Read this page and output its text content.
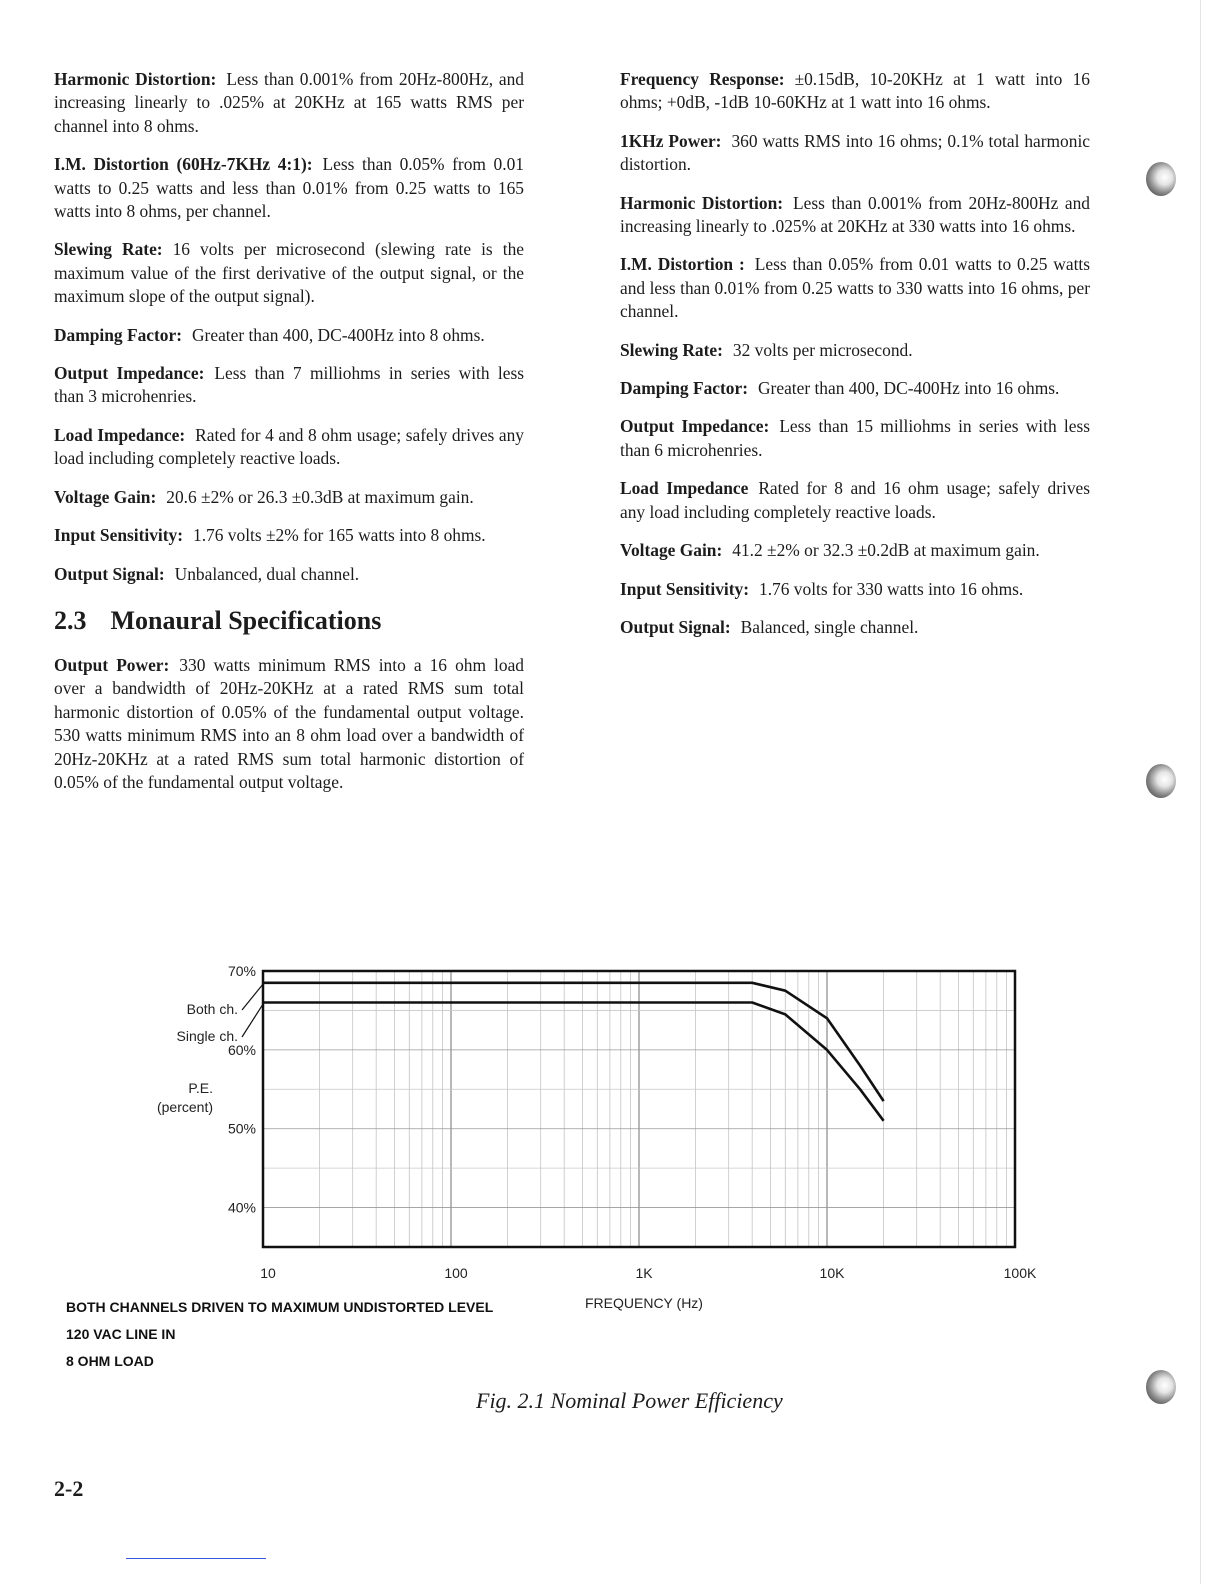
Harmonic Distortion: Less than 0.001% from 20Hz-800Hz, and increasing linearly to .025% at 20KHz at 165 watts RMS per channel into 8 ohms.

I.M. Distortion (60Hz-7KHz 4:1): Less than 0.05% from 0.01 watts to 0.25 watts and less than 0.01% from 0.25 watts to 165 watts into 8 ohms, per channel.

Slewing Rate: 16 volts per microsecond (slewing rate is the maximum value of the first derivative of the output signal, or the maximum slope of the output signal).

Damping Factor: Greater than 400, DC-400Hz into 8 ohms.

Output Impedance: Less than 7 milliohms in series with less than 3 microhenries.

Load Impedance: Rated for 4 and 8 ohm usage; safely drives any load including completely reactive loads.

Voltage Gain: 20.6 ±2% or 26.3 ±0.3dB at maximum gain.

Input Sensitivity: 1.76 volts ±2% for 165 watts into 8 ohms.

Output Signal: Unbalanced, dual channel.

2.3 Monaural Specifications

Output Power: 330 watts minimum RMS into a 16 ohm load over a bandwidth of 20Hz-20KHz at a rated RMS sum total harmonic distortion of 0.05% of the fundamental output voltage. 530 watts minimum RMS into an 8 ohm load over a bandwidth of 20Hz-20KHz at a rated RMS sum total harmonic distortion of 0.05% of the fundamental output voltage.

Frequency Response: ±0.15dB, 10-20KHz at 1 watt into 16 ohms; +0dB, -1dB 10-60KHz at 1 watt into 16 ohms.

1KHz Power: 360 watts RMS into 16 ohms; 0.1% total harmonic distortion.

Harmonic Distortion: Less than 0.001% from 20Hz-800Hz and increasing linearly to .025% at 20KHz at 330 watts into 16 ohms.

I.M. Distortion : Less than 0.05% from 0.01 watts to 0.25 watts and less than 0.01% from 0.25 watts to 330 watts into 16 ohms, per channel.

Slewing Rate: 32 volts per microsecond.

Damping Factor: Greater than 400, DC-400Hz into 16 ohms.

Output Impedance: Less than 15 milliohms in series with less than 6 microhenries.

Load Impedance Rated for 8 and 16 ohm usage; safely drives any load including completely reactive loads.

Voltage Gain: 41.2 ±2% or 32.3 ±0.2dB at maximum gain.

Input Sensitivity: 1.76 volts for 330 watts into 16 ohms.

Output Signal: Balanced, single channel.

10	100	1K	10K	100K
70%
60%
50%
40%
Both ch.
Single ch.
P.E.
(percent)
FREQUENCY (Hz)
BOTH CHANNELS DRIVEN TO MAXIMUM UNDISTORTED LEVEL
120 VAC LINE IN
8 OHM LOAD
Fig. 2.1 Nominal Power Efficiency
2-2
